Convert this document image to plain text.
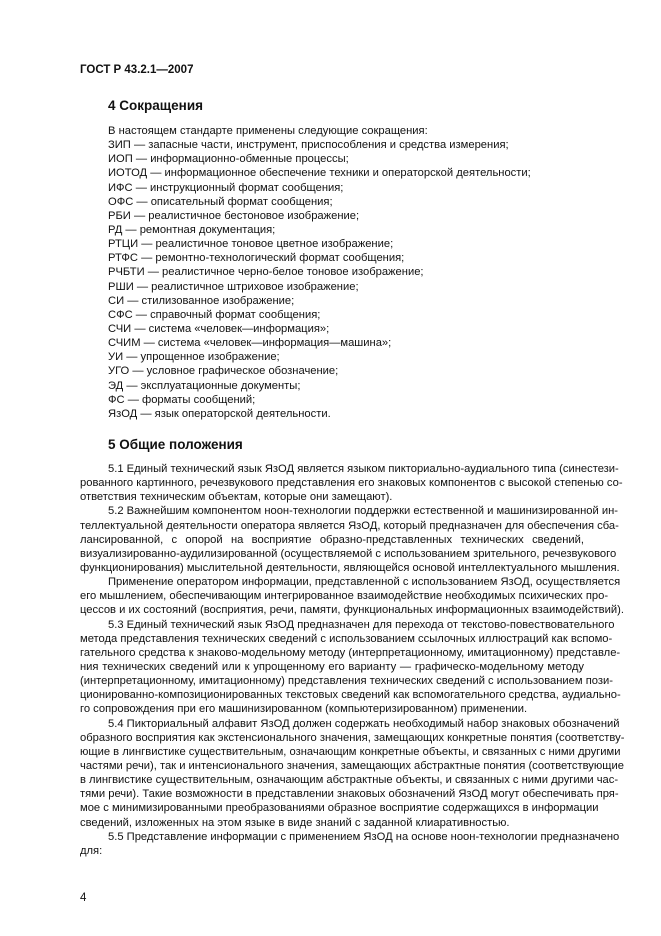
ГОСТ Р 43.2.1—2007
4 Сокращения
В настоящем стандарте применены следующие сокращения:
ЗИП — запасные части, инструмент, приспособления и средства измерения;
ИОП — информационно-обменные процессы;
ИОТОД — информационное обеспечение техники и операторской деятельности;
ИФС — инструкционный формат сообщения;
ОФС — описательный формат сообщения;
РБИ — реалистичное бестоновое изображение;
РД — ремонтная документация;
РТЦИ — реалистичное тоновое цветное изображение;
РТФС — ремонтно-технологический формат сообщения;
РЧБТИ — реалистичное черно-белое тоновое изображение;
РШИ — реалистичное штриховое изображение;
СИ — стилизованное изображение;
СФС — справочный формат сообщения;
СЧИ — система «человек—информация»;
СЧИМ — система «человек—информация—машина»;
УИ — упрощенное изображение;
УГО — условное графическое обозначение;
ЭД — эксплуатационные документы;
ФС — форматы сообщений;
ЯзОД — язык операторской деятельности.
5 Общие положения
5.1 Единый технический язык ЯзОД является языком пикториально-аудиального типа (синестези-
рованного картинного, речезвукового представления его знаковых компонентов с высокой степенью со-
ответствия техническим объектам, которые они замещают).
5.2 Важнейшим компонентом ноон-технологии поддержки естественной и машинизированной ин-
теллектуальной деятельности оператора является ЯзОД, который предназначен для обеспечения сба-
лансированной, с опорой на восприятие образно-представленных технических сведений,
визуализированно-аудилизированной (осуществляемой с использованием зрительного, речезвукового
функционирования) мыслительной деятельности, являющейся основой интеллектуального мышления.
Применение оператором информации, представленной с использованием ЯзОД, осуществляется
его мышлением, обеспечивающим интегрированное взаимодействие необходимых психических про-
цессов и их состояний (восприятия, речи, памяти, функциональных информационных взаимодействий).
5.3 Единый технический язык ЯзОД предназначен для перехода от текстово-повествовательного
метода представления технических сведений с использованием ссылочных иллюстраций как вспомо-
гательного средства к знаково-модельному методу (интерпретационному, имитационному) представле-
ния технических сведений или к упрощенному его варианту — графическо-модельному методу
(интерпретационному, имитационному) представления технических сведений с использованием пози-
ционированно-композиционированных текстовых сведений как вспомогательного средства, аудиально-
го сопровождения при его машинизированном (компьютеризированном) применении.
5.4 Пикториальный алфавит ЯзОД должен содержать необходимый набор знаковых обозначений
образного восприятия как экстенсионального значения, замещающих конкретные понятия (соответству-
ющие в лингвистике существительным, означающим конкретные объекты, и связанных с ними другими
частями речи), так и интенсионального значения, замещающих абстрактные понятия (соответствующие
в лингвистике существительным, означающим абстрактные объекты, и связанных с ними другими час-
тями речи). Такие возможности в представлении знаковых обозначений ЯзОД могут обеспечивать пря-
мое с минимизированными преобразованиями образное восприятие содержащихся в информации
сведений, изложенных на этом языке в виде знаний с заданной клиаративностью.
5.5 Представление информации с применением ЯзОД на основе ноон-технологии предназначено
для:
4
